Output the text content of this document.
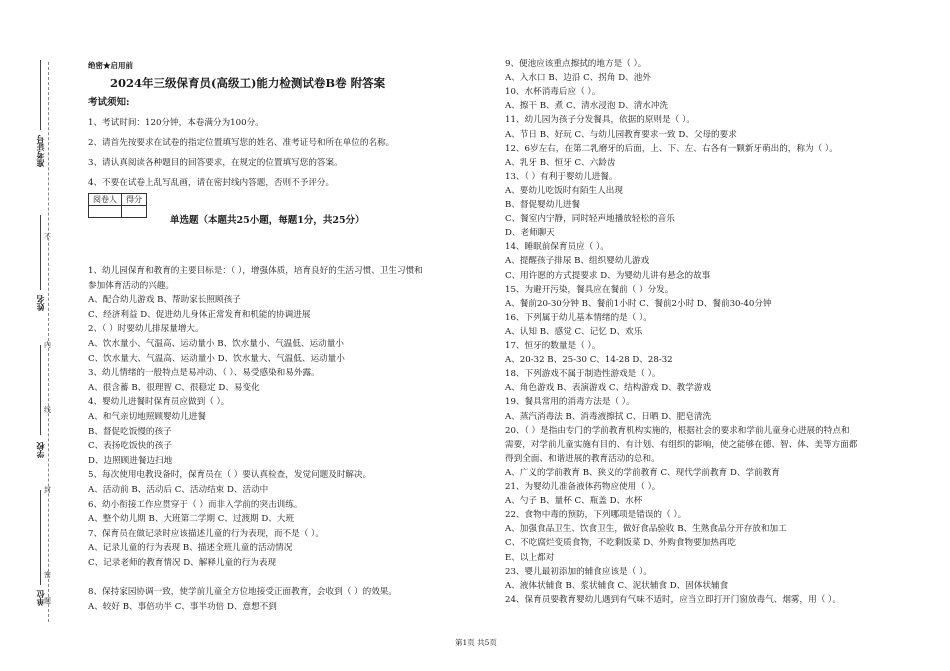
准考证号
姓名
学校
单位
不
内
线
封
密
题
绝密★启用前
2024年三级保育员(高级工)能力检测试卷B卷 附答案
考试须知:
1、考试时间：120分钟，本卷满分为100分。
2、请首先按要求在试卷的指定位置填写您的姓名、准考证号和所在单位的名称。
3、请认真阅读各种题目的回答要求，在规定的位置填写您的答案。
4、不要在试卷上乱写乱画，请在密封线内答题，否则不予评分。
阅卷人	得分

单选题（本题共25小题，每题1分，共25分）
1、幼儿园保育和教育的主要目标是：（ ），增强体质，培育良好的生活习惯、卫生习惯和
参加体育活动的兴趣。
A、配合幼儿游戏 B、帮助家长照顾孩子
C、经济利益 D、促进幼儿身体正常发育和机能的协调进展
2、（ ）时要幼儿排尿量增大。
A、饮水量小、气温高、运动量小 B、饮水量小、气温低、运动量小
C、饮水量大、气温高、运动量小 D、饮水量大、气温低、运动量小
3、幼儿情绪的一般特点是易冲动、（ ）、易受感染和易外露。
A、很含蓄 B、很理智 C、很稳定 D、易变化
4、婴幼儿进餐时保育员应做到（ ）。
A、和气亲切地照顾婴幼儿进餐
B、督促吃饭慢的孩子
C、表扬吃饭快的孩子
D、边照顾进餐边扫地
5、每次使用电教设备时，保育员在（ ）要认真检查，发觉问题及时解决。
A、活动前 B、活动后 C、活动结束 D、活动中
6、幼小衔接工作应贯穿于（ ）而非入学前的突击训练。
A、整个幼儿期 B、大班第二学期 C、过渡期 D、大班
7、保育员在做记录时应该描述儿童的行为表现，而不是（ ）。
A、记录儿童的行为表现 B、描述全班儿童的活动情况
C、记录老师的教育情况 D、解释儿童的行为表现
8、保持家园协调一致，使学前儿童全方位地接受正面教育，会收到（ ）的效果。
A、较好 B、事倍功半 C、事半功倍 D、意想不到
9、便池应该重点擦拭的地方是（ ）。
A、入水口 B、边沿 C、拐角 D、池外
10、水杯消毒后应（ ）。
A、擦干 B、煮 C、清水浸泡 D、清水冲洗
11、幼儿园为孩子分发餐具，依据的原则是（ ）。
A、节日 B、好玩 C、与幼儿园教育要求一致 D、父母的要求
12、6岁左右，在第二乳磨牙的后面，上、下、左、右各有一颗新牙萌出的，称为（ ）。
A、乳牙 B、恒牙 C、六龄齿
13、（ ）有利于婴幼儿进餐。
A、要幼儿吃饭时有陌生人出现
B、督促婴幼儿进餐
C、餐室内宁静，同时轻声地播放轻松的音乐
D、老师聊天
14、睡眠前保育员应（ ）。
A、提醒孩子排尿 B、组织婴幼儿游戏
C、用许愿的方式提要求 D、为婴幼儿讲有悬念的故事
15、为避开污染，餐具应在餐前（ ）分发。
A、餐前20-30分钟 B、餐前1小时 C、餐前2小时 D、餐前30-40分钟
16、下列属于幼儿基本情绪的是（ ）。
A、认知 B、感觉 C、记忆 D、欢乐
17、恒牙的数量是（ ）。
A、20-32 B、25-30 C、14-28 D、28-32
18、下列游戏不属于制造性游戏是（ ）。
A、角色游戏 B、表演游戏 C、结构游戏 D、教学游戏
19、餐具常用的消毒方法是（ ）。
A、蒸汽消毒法 B、消毒液擦拭 C、日晒 D、肥皂清洗
20、（ ）是指由专门的学前教育机构实施的，根据社会的要求和学前儿童身心进展的特点和
需要，对学前儿童实施有目的、有计划、有组织的影响，使之能够在德、智、体、美等方面都
得到全面、和谐进展的教育活动的总和。
A、广义的学前教育 B、狭义的学前教育 C、现代学前教育 D、学前教育
21、为婴幼儿准备液体药物应使用（ ）。
A、勺子 B、量杯 C、瓶盖 D、水杯
22、食物中毒的预防，下列哪项是错误的（ ）。
A、加强食品卫生、饮食卫生，做好食品验收 B、生熟食品分开存放和加工
C、不吃腐烂变质食物，不吃剩饭菜 D、外购食物要加热再吃
E、以上都对
23、婴儿最初添加的辅食应该是（ ）。
A、液体状辅食 B、浆状辅食 C、泥状辅食 D、固体状辅食
24、保育员要教育婴幼儿遇到有气味不适时，应当立即打开门窗放毒气、烟雾，用（ ）。
第1页 共5页
